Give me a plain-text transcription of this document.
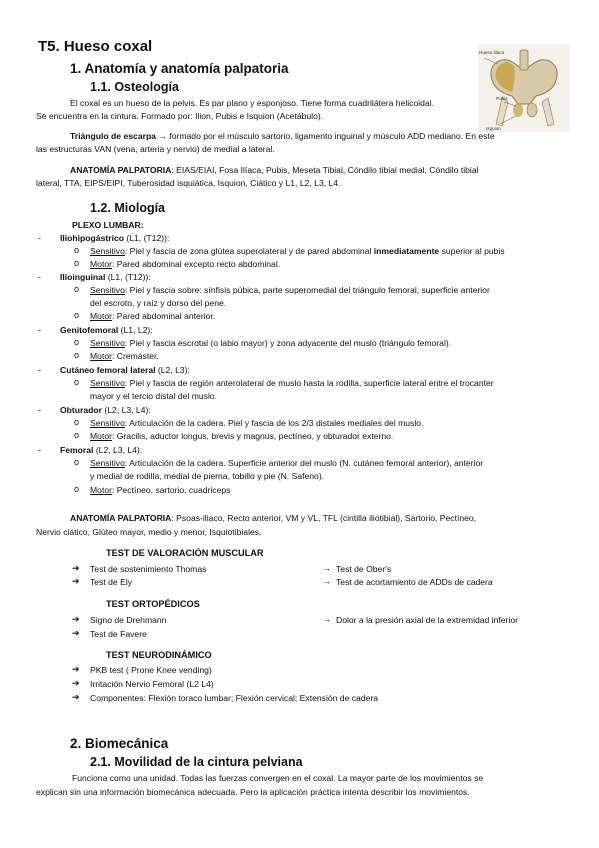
T5. Hueso coxal	Hueso ilíaco
Pubis
Isquion
1. Anatomía y anatomía palpatoria
1.1. Osteología
El coxal es un hueso de la pelvis. Es par plano y esponjoso. Tiene forma cuadrilátera helicoidal.
Se encuentra en la cintura. Formado por: Ilion, Pubis e Isquion (Acetábulo).
Triángulo de escarpa → formado por el músculo sartorio, ligamento inguinal y músculo ADD mediano. En este
las estructuras VAN (vena, arteria y nervio) de medial a lateral.
ANATOMÍA PALPATORIA: EIAS/EIAI, Fosa Ilíaca, Pubis, Meseta Tibial, Cóndilo tibial medial, Cóndilo tibial
lateral, TTA, EIPS/EIPI, Tuberosidad isquiática, Isquion, Ciático y L1, L2, L3, L4.
1.2. Miología
PLEXO LUMBAR:
- Iliohipogástrico (L1, (T12)):
o Sensitivo: Piel y fascia de zona glútea superolateral y de pared abdominal inmediatamente superior al pubis
o Motor: Pared abdominal excepto recto abdominal.
- Ilioinguinal (L1, (T12)):
o Sensitivo: Piel y fascia sobre: sínfisis púbica, parte superomedial del triángulo femoral, superficie anterior
del escroto, y raíz y dorso del pene.
o Motor: Pared abdominal anterior.
- Genitofemoral (L1, L2):
o Sensitivo: Piel y fascia escrotal (o labio mayor) y zona adyacente del muslo (triángulo femoral).
o Motor: Cremáster.
- Cutáneo femoral lateral (L2, L3):
o Sensitivo: Piel y fascia de región anterolateral de muslo hasta la rodilla, superficie lateral entre el trocanter
mayor y el tercio distal del muslo.
- Obturador (L2, L3, L4):
o Sensitivo: Articulación de la cadera. Piel y fascia de los 2/3 distales mediales del muslo.
o Motor: Gracilis, aductor longus, brevis y magnus, pectíneo, y obturador externo.
- Femoral (L2, L3, L4):
o Sensitivo: Articulación de la cadera. Superficie anterior del muslo (N. cutáneo femoral anterior), anterior
y medial de rodilla, medial de pierna, tobillo y pie (N. Safeno).
o Motor: Pectíneo, sartorio, cuadriceps
ANATOMÍA PALPATORIA: Psoas-iliaco, Recto anterior, VM y VL, TFL (cintilla iliotibial), Sartorio, Pectíneo,
Nervio ciático, Glúteo mayor, medio y menor, Isquiotibiales.
TEST DE VALORACIÓN MUSCULAR
➔ Test de sostenimiento Thomas
➔ Test de Ely
→ Test de Ober's
→ Test de acortamiento de ADDs de cadera
TEST ORTOPÉDICOS
➔ Signo de Drehmann
➔ Test de Favere
→ Dolor a la presión axial de la extremidad inferior
TEST NEURODINÁMICO
➔ PKB test ( Prone Knee vending)
➔ Irritación Nervio Femoral (L2 L4)
➔ Componentes: Flexión toraco lumbar; Flexión cervical; Extensión de cadera
2. Biomecánica
2.1. Movilidad de la cintura pelviana
Funciona como una unidad. Todas las fuerzas convergen en el coxal. La mayor parte de los movimientos se
explican sin una información biomecánica adecuada. Pero la aplicación práctica intenta describir los movimientos.
